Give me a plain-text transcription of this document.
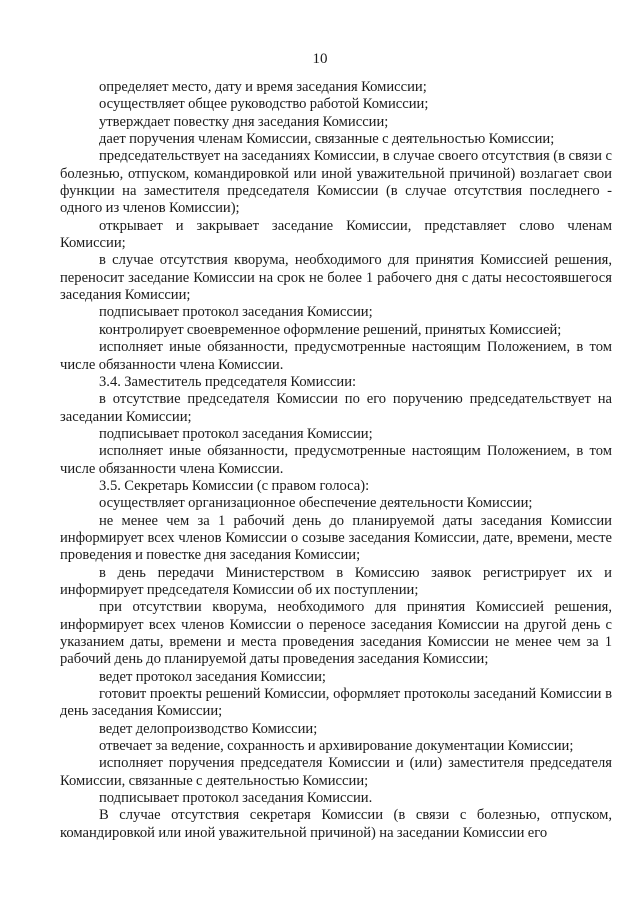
10

определяет место, дату и время заседания Комиссии;

осуществляет общее руководство работой Комиссии;

утверждает повестку дня заседания Комиссии;

дает поручения членам Комиссии, связанные с деятельностью Комиссии;

председательствует на заседаниях Комиссии, в случае своего отсутствия (в связи с болезнью, отпуском, командировкой или иной уважительной причиной) возлагает свои функции на заместителя председателя Комиссии (в случае отсутствия последнего - одного из членов Комиссии);

открывает и закрывает заседание Комиссии, представляет слово членам Комиссии;

в случае отсутствия кворума, необходимого для принятия Комиссией решения, переносит заседание Комиссии на срок не более 1 рабочего дня с даты несостоявшегося заседания Комиссии;

подписывает протокол заседания Комиссии;

контролирует своевременное оформление решений, принятых Комиссией;

исполняет иные обязанности, предусмотренные настоящим Положением, в том числе обязанности члена Комиссии.

3.4. Заместитель председателя Комиссии:

в отсутствие председателя Комиссии по его поручению председательствует на заседании Комиссии;

подписывает протокол заседания Комиссии;

исполняет иные обязанности, предусмотренные настоящим Положением, в том числе обязанности члена Комиссии.

3.5. Секретарь Комиссии (с правом голоса):

осуществляет организационное обеспечение деятельности Комиссии;

не менее чем за 1 рабочий день до планируемой даты заседания Комиссии информирует всех членов Комиссии о созыве заседания Комиссии, дате, времени, месте проведения и повестке дня заседания Комиссии;

в день передачи Министерством в Комиссию заявок регистрирует их и информирует председателя Комиссии об их поступлении;

при отсутствии кворума, необходимого для принятия Комиссией решения, информирует всех членов Комиссии о переносе заседания Комиссии на другой день с указанием даты, времени и места проведения заседания Комиссии не менее чем за 1 рабочий день до планируемой даты проведения заседания Комиссии;

ведет протокол заседания Комиссии;

готовит проекты решений Комиссии, оформляет протоколы заседаний Комиссии в день заседания Комиссии;

ведет делопроизводство Комиссии;

отвечает за ведение, сохранность и архивирование документации Комиссии;

исполняет поручения председателя Комиссии и (или) заместителя председателя Комиссии, связанные с деятельностью Комиссии;

подписывает протокол заседания Комиссии.

В случае отсутствия секретаря Комиссии (в связи с болезнью, отпуском, командировкой или иной уважительной причиной) на заседании Комиссии его
